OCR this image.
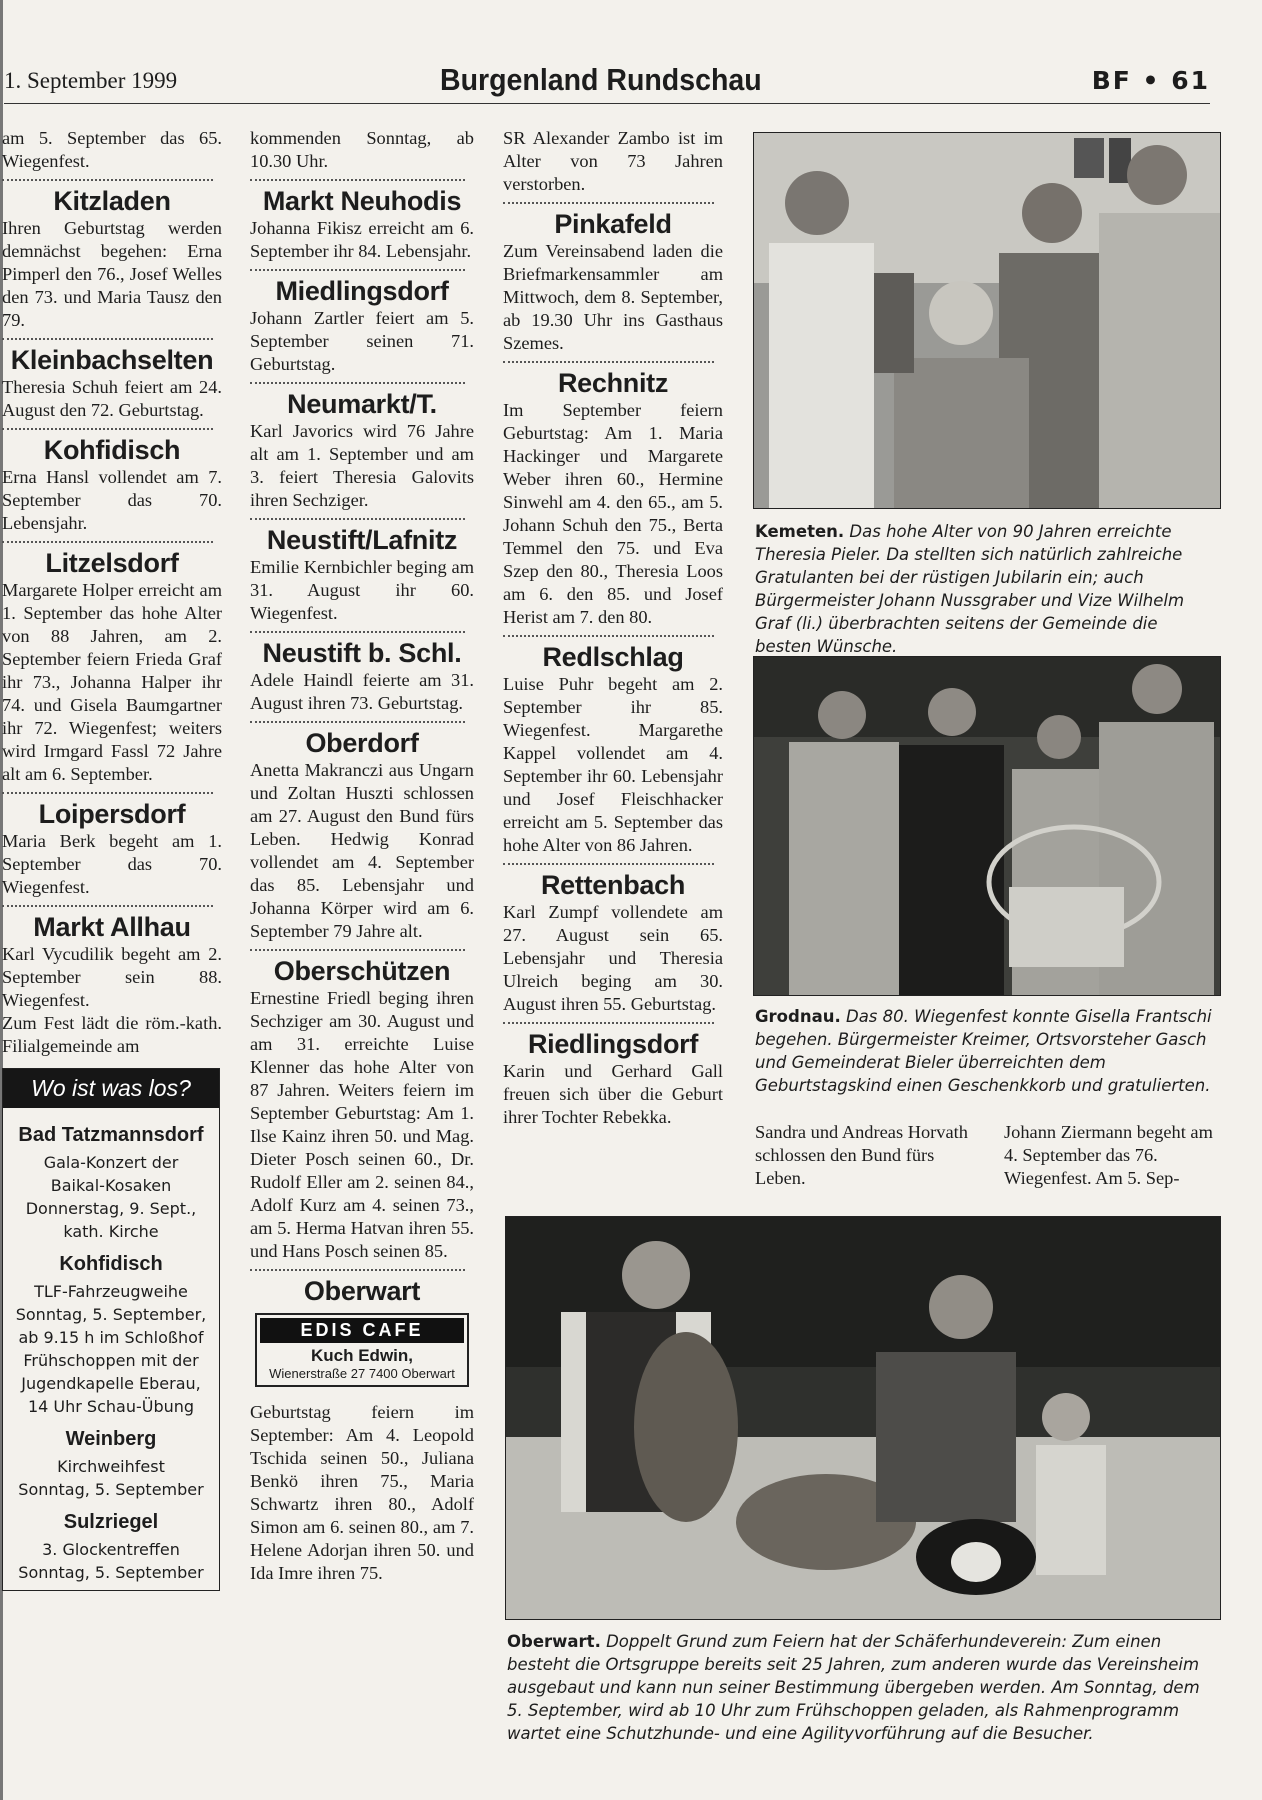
1. September 1999	Burgenland Rundschau	BF • 61

am 5. September das 65. Wiegenfest.

Kitzladen

Ihren Geburtstag werden demnächst begehen: Erna Pimperl den 76., Josef Welles den 73. und Maria Tausz den 79.

Kleinbachselten

Theresia Schuh feiert am 24. August den 72. Geburtstag.

Kohfidisch

Erna Hansl vollendet am 7. September das 70. Lebensjahr.

Litzelsdorf

Margarete Holper erreicht am 1. September das hohe Alter von 88 Jahren, am 2. September feiern Frieda Graf ihr 73., Johanna Halper ihr 74. und Gisela Baumgartner ihr 72. Wiegenfest; weiters wird Irmgard Fassl 72 Jahre alt am 6. September.

Loipersdorf

Maria Berk begeht am 1. September das 70. Wiegenfest.

Markt Allhau

Karl Vycudilik begeht am 2. September sein 88. Wiegenfest.

Zum Fest lädt die röm.-kath. Filialgemeinde am

Wo ist was los?
Bad Tatzmannsdorf
Gala-Konzert der
Baikal-Kosaken
Donnerstag, 9. Sept.,
kath. Kirche
Kohfidisch
TLF-Fahrzeugweihe
Sonntag, 5. September,
ab 9.15 h im Schloßhof
Frühschoppen mit der
Jugendkapelle Eberau,
14 Uhr Schau-Übung
Weinberg
Kirchweihfest
Sonntag, 5. September
Sulzriegel
3. Glockentreffen
Sonntag, 5. September

kommenden Sonntag, ab 10.30 Uhr.

Markt Neuhodis

Johanna Fikisz erreicht am 6. September ihr 84. Lebensjahr.

Miedlingsdorf

Johann Zartler feiert am 5. September seinen 71. Geburtstag.

Neumarkt/T.

Karl Javorics wird 76 Jahre alt am 1. September und am 3. feiert Theresia Galovits ihren Sechziger.

Neustift/Lafnitz

Emilie Kernbichler beging am 31. August ihr 60. Wiegenfest.

Neustift b. Schl.

Adele Haindl feierte am 31. August ihren 73. Geburtstag.

Oberdorf

Anetta Makranczi aus Ungarn und Zoltan Huszti schlossen am 27. August den Bund fürs Leben. Hedwig Konrad vollendet am 4. September das 85. Lebensjahr und Johanna Körper wird am 6. September 79 Jahre alt.

Oberschützen

Ernestine Friedl beging ihren Sechziger am 30. August und am 31. erreichte Luise Klenner das hohe Alter von 87 Jahren. Weiters feiern im September Geburtstag: Am 1. Ilse Kainz ihren 50. und Mag. Dieter Posch seinen 60., Dr. Rudolf Eller am 2. seinen 84., Adolf Kurz am 4. seinen 73., am 5. Herma Hatvan ihren 55. und Hans Posch seinen 85.

Oberwart
EDIS CAFE
Kuch Edwin,
Wienerstraße 27 7400 Oberwart

Geburtstag feiern im September: Am 4. Leopold Tschida seinen 50., Juliana Benkö ihren 75., Maria Schwartz ihren 80., Adolf Simon am 6. seinen 80., am 7. Helene Adorjan ihren 50. und Ida Imre ihren 75.

SR Alexander Zambo ist im Alter von 73 Jahren verstorben.

Pinkafeld

Zum Vereinsabend laden die Briefmarkensammler am Mittwoch, dem 8. September, ab 19.30 Uhr ins Gasthaus Szemes.

Rechnitz

Im September feiern Geburtstag: Am 1. Maria Hackinger und Margarete Weber ihren 60., Hermine Sinwehl am 4. den 65., am 5. Johann Schuh den 75., Berta Temmel den 75. und Eva Szep den 80., Theresia Loos am 6. den 85. und Josef Herist am 7. den 80.

Redlschlag

Luise Puhr begeht am 2. September ihr 85. Wiegenfest. Margarethe Kappel vollendet am 4. September ihr 60. Lebensjahr und Josef Fleischhacker erreicht am 5. September das hohe Alter von 86 Jahren.

Rettenbach

Karl Zumpf vollendete am 27. August sein 65. Lebensjahr und Theresia Ulreich beging am 30. August ihren 55. Geburtstag.

Riedlingsdorf

Karin und Gerhard Gall freuen sich über die Geburt ihrer Tochter Rebekka.

Kemeten. Das hohe Alter von 90 Jahren erreichte Theresia Pieler. Da stellten sich natürlich zahlreiche Gratulanten bei der rüstigen Jubilarin ein; auch Bürgermeister Johann Nussgraber und Vize Wilhelm Graf (li.) überbrachten seitens der Gemeinde die besten Wünsche.
Grodnau. Das 80. Wiegenfest konnte Gisella Frantschi begehen. Bürgermeister Kreimer, Ortsvorsteher Gasch und Gemeinderat Bieler überreichten dem Geburtstagskind einen Geschenkkorb und gratulierten.
Sandra und Andreas Horvath schlossen den Bund fürs Leben.
Johann Ziermann begeht am 4. September das 76. Wiegenfest. Am 5. Sep-
Oberwart. Doppelt Grund zum Feiern hat der Schäferhundeverein: Zum einen besteht die Ortsgruppe bereits seit 25 Jahren, zum anderen wurde das Vereinsheim ausgebaut und kann nun seiner Bestimmung übergeben werden. Am Sonntag, dem 5. September, wird ab 10 Uhr zum Frühschoppen geladen, als Rahmenprogramm wartet eine Schutzhunde- und eine Agilityvorführung auf die Besucher.
